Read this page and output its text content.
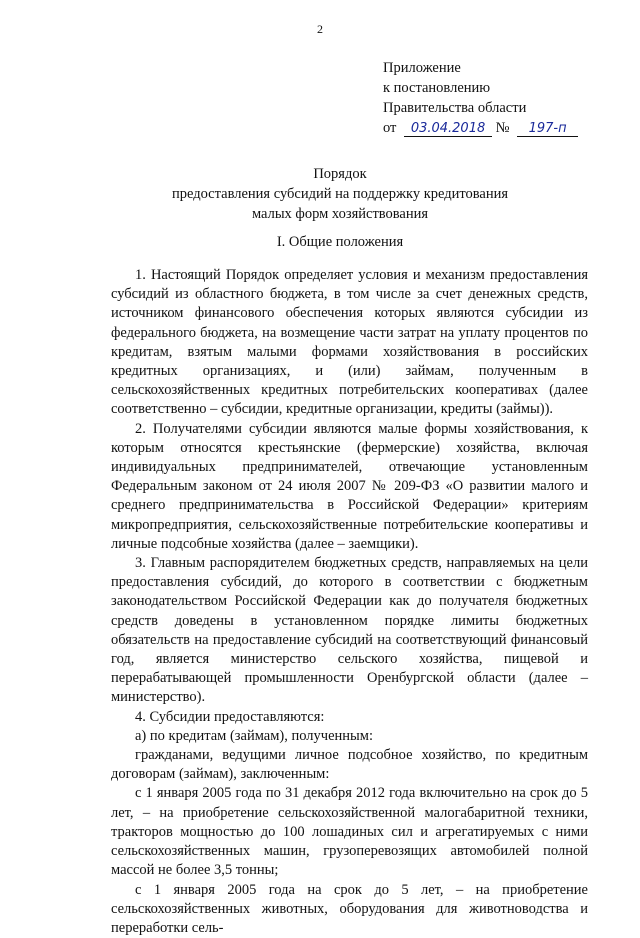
2
Приложение
к постановлению
Правительства области
от 03.04.2018 № 197-п
Порядок
предоставления субсидий на поддержку кредитования
малых форм хозяйствования
I. Общие положения

1. Настоящий Порядок определяет условия и механизм предоставления субсидий из областного бюджета, в том числе за счет денежных средств, источником финансового обеспечения которых являются субсидии из федерального бюджета, на возмещение части затрат на уплату процентов по кредитам, взятым малыми формами хозяйствования в российских кредитных организациях, и (или) займам, полученным в сельскохозяйственных кредитных потребительских кооперативах (далее соответственно – субсидии, кредитные организации, кредиты (займы)).

2. Получателями субсидии являются малые формы хозяйствования, к которым относятся крестьянские (фермерские) хозяйства, включая индивидуальных предпринимателей, отвечающие установленным Федеральным законом от 24 июля 2007 № 209-ФЗ «О развитии малого и среднего предпринимательства в Российской Федерации» критериям микропредприятия, сельскохозяйственные потребительские кооперативы и личные подсобные хозяйства (далее – заемщики).

3. Главным распорядителем бюджетных средств, направляемых на цели предоставления субсидий, до которого в соответствии с бюджетным законодательством Российской Федерации как до получателя бюджетных средств доведены в установленном порядке лимиты бюджетных обязательств на предоставление субсидий на соответствующий финансовый год, является министерство сельского хозяйства, пищевой и перерабатывающей промышленности Оренбургской области (далее – министерство).

4. Субсидии предоставляются:

а) по кредитам (займам), полученным:

гражданами, ведущими личное подсобное хозяйство, по кредитным договорам (займам), заключенным:

с 1 января 2005 года по 31 декабря 2012 года включительно на срок до 5 лет, – на приобретение сельскохозяйственной малогабаритной техники, тракторов мощностью до 100 лошадиных сил и агрегатируемых с ними сельскохозяйственных машин, грузоперевозящих автомобилей полной массой не более 3,5 тонны;

с 1 января 2005 года на срок до 5 лет, – на приобретение сельскохозяйственных животных, оборудования для животноводства и переработки сель-
